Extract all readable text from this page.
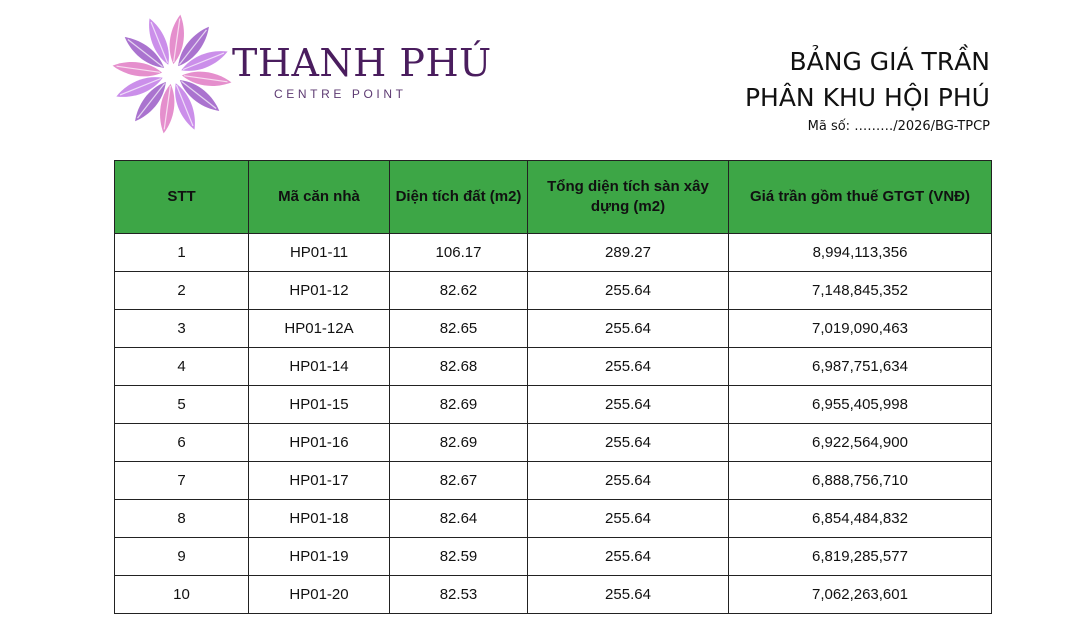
THANH PHÚ
CENTRE POINT
BẢNG GIÁ TRẦN
PHÂN KHU HỘI PHÚ
Mã số: ………/2026/BG-TPCP
STT	Mã căn nhà	Diện tích đất (m2)	Tổng diện tích sàn xây dựng (m2)	Giá trần gồm thuế GTGT (VNĐ)
1	HP01-11	106.17	289.27	8,994,113,356
2	HP01-12	82.62	255.64	7,148,845,352
3	HP01-12A	82.65	255.64	7,019,090,463
4	HP01-14	82.68	255.64	6,987,751,634
5	HP01-15	82.69	255.64	6,955,405,998
6	HP01-16	82.69	255.64	6,922,564,900
7	HP01-17	82.67	255.64	6,888,756,710
8	HP01-18	82.64	255.64	6,854,484,832
9	HP01-19	82.59	255.64	6,819,285,577
10	HP01-20	82.53	255.64	7,062,263,601
